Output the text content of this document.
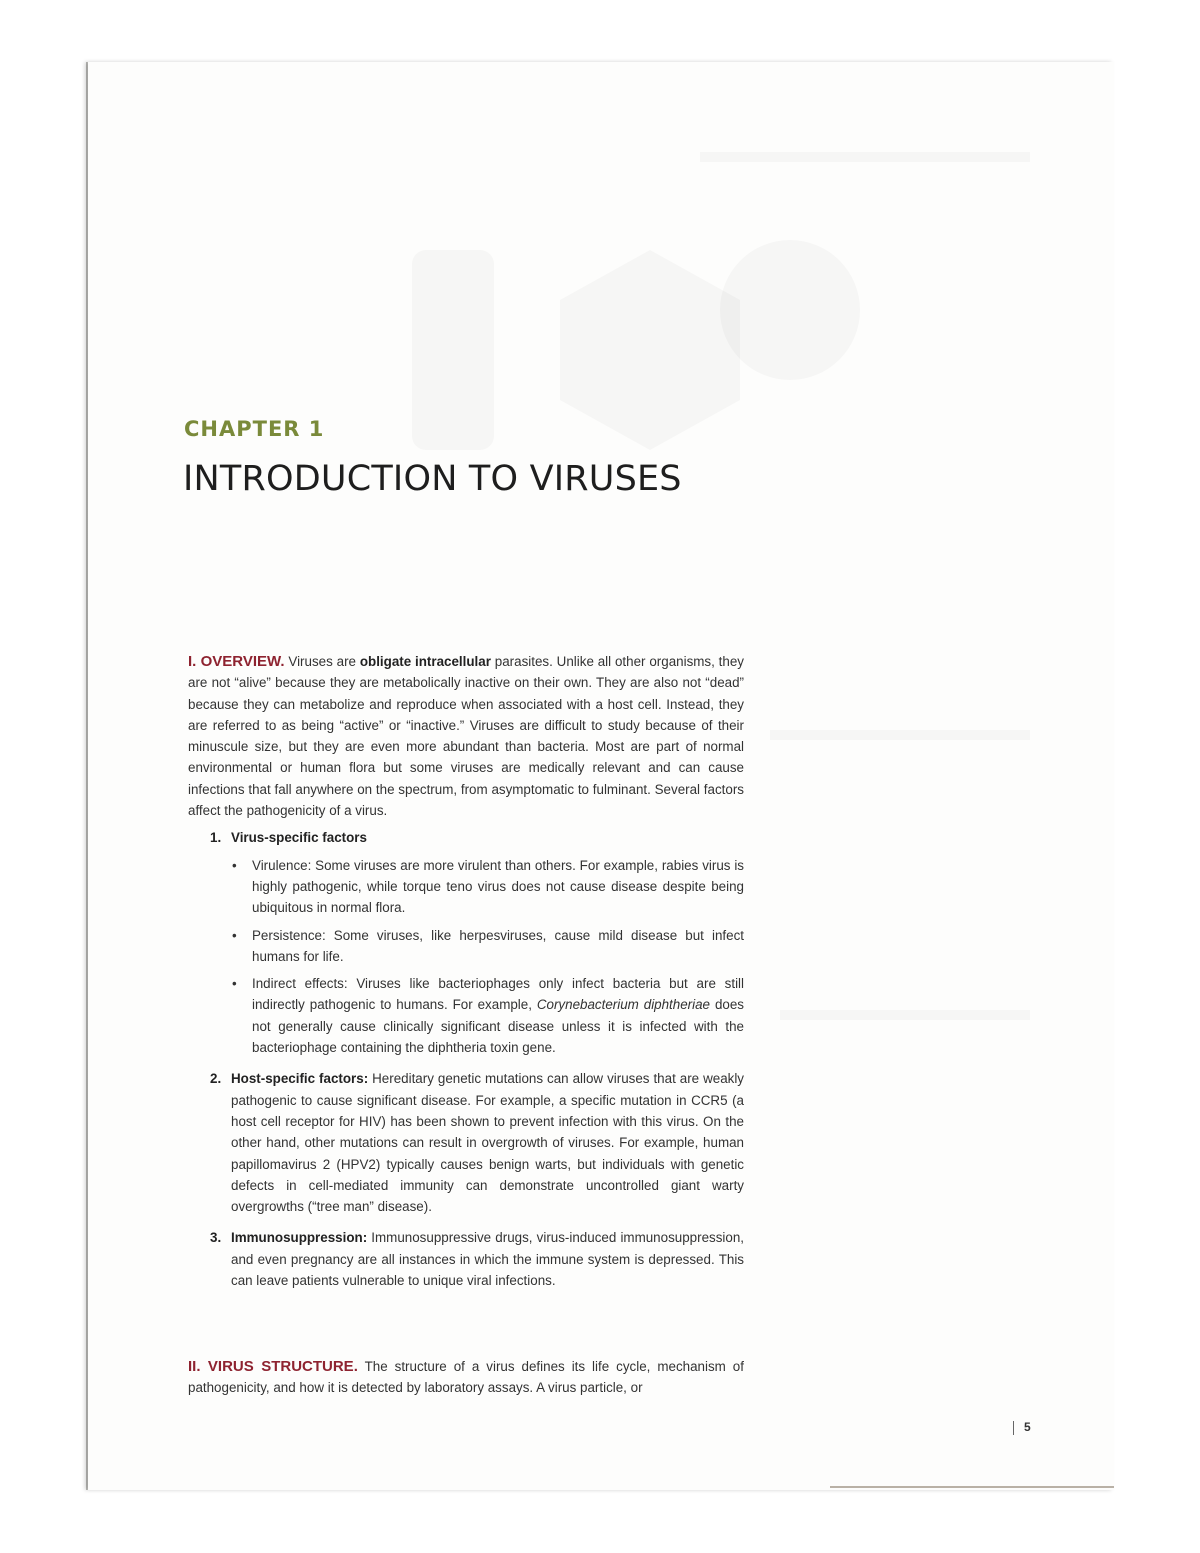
CHAPTER 1
INTRODUCTION TO VIRUSES
I. OVERVIEW. Viruses are obligate intracellular parasites. Unlike all other organisms, they are not “alive” because they are metabolically inactive on their own. They are also not “dead” because they can metabolize and reproduce when associated with a host cell. Instead, they are referred to as being “active” or “inactive.” Viruses are difficult to study because of their minuscule size, but they are even more abundant than bacteria. Most are part of normal environmental or human flora but some viruses are medically relevant and can cause infections that fall anywhere on the spectrum, from asymptomatic to fulminant. Several factors affect the pathogenicity of a virus.
1. Virus-specific factors
• Virulence: Some viruses are more virulent than others. For example, rabies virus is highly pathogenic, while torque teno virus does not cause disease despite being ubiquitous in normal flora.
• Persistence: Some viruses, like herpesviruses, cause mild disease but infect humans for life.
• Indirect effects: Viruses like bacteriophages only infect bacteria but are still indirectly pathogenic to humans. For example, Corynebacterium diphtheriae does not generally cause clinically significant disease unless it is infected with the bacteriophage containing the diphtheria toxin gene.
2. Host-specific factors: Hereditary genetic mutations can allow viruses that are weakly pathogenic to cause significant disease. For example, a specific mutation in CCR5 (a host cell receptor for HIV) has been shown to prevent infection with this virus. On the other hand, other mutations can result in overgrowth of viruses. For example, human papillomavirus 2 (HPV2) typically causes benign warts, but individuals with genetic defects in cell-mediated immunity can demonstrate uncontrolled giant warty overgrowths (“tree man” disease).
3. Immunosuppression: Immunosuppressive drugs, virus-induced immunosuppression, and even pregnancy are all instances in which the immune system is depressed. This can leave patients vulnerable to unique viral infections.
II. VIRUS STRUCTURE. The structure of a virus defines its life cycle, mechanism of pathogenicity, and how it is detected by laboratory assays. A virus particle, or
5
